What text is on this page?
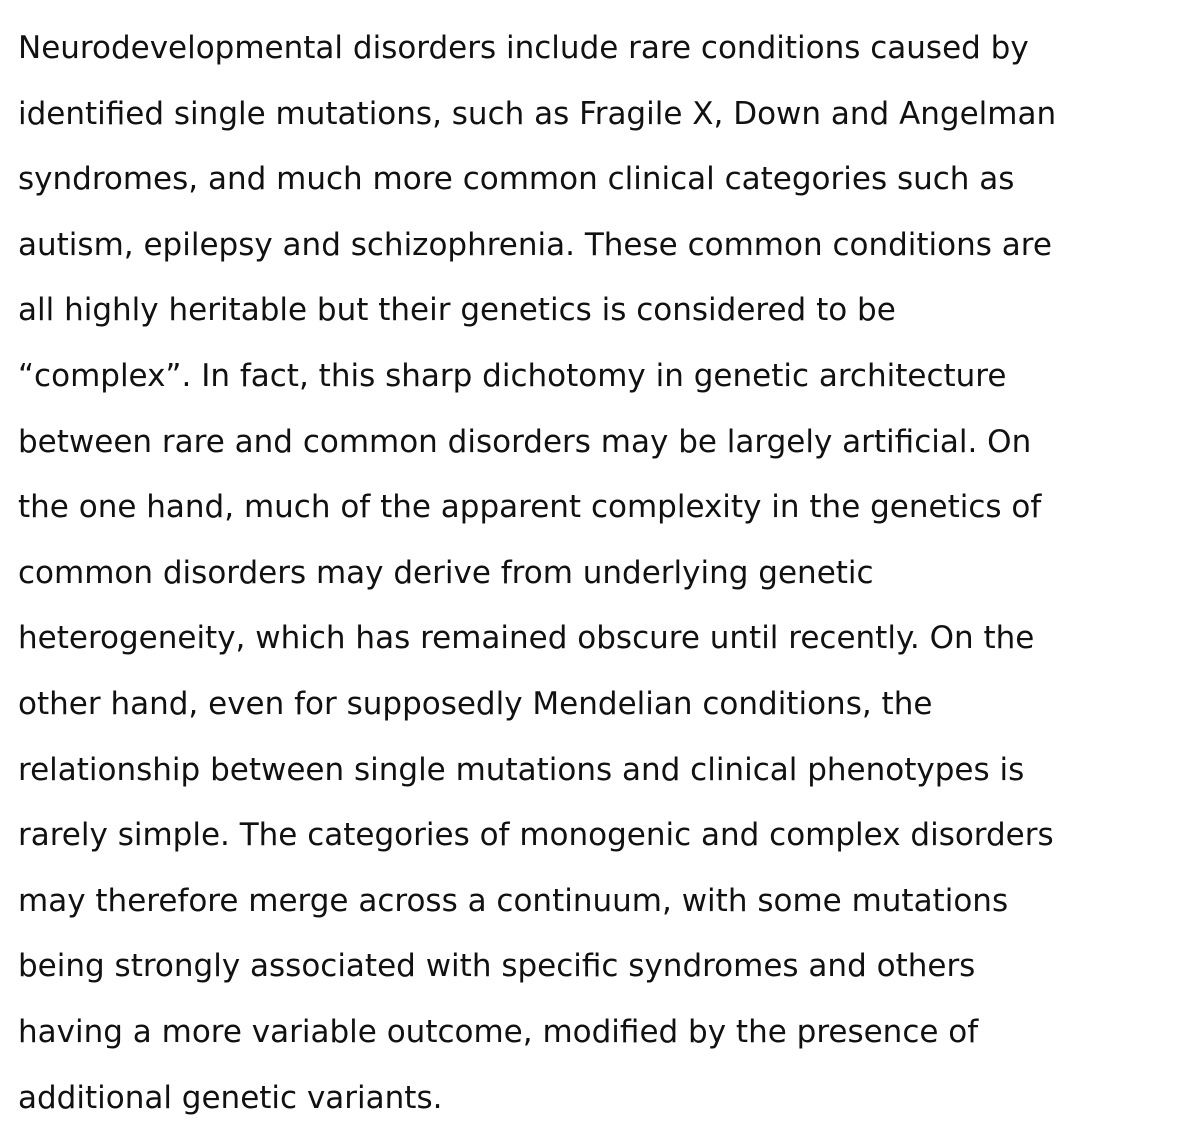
Neurodevelopmental disorders include rare conditions caused by
identified single mutations, such as Fragile X, Down and Angelman
syndromes, and much more common clinical categories such as
autism, epilepsy and schizophrenia. These common conditions are
all highly heritable but their genetics is considered to be
“complex”. In fact, this sharp dichotomy in genetic architecture
between rare and common disorders may be largely artificial. On
the one hand, much of the apparent complexity in the genetics of
common disorders may derive from underlying genetic
heterogeneity, which has remained obscure until recently. On the
other hand, even for supposedly Mendelian conditions, the
relationship between single mutations and clinical phenotypes is
rarely simple. The categories of monogenic and complex disorders
may therefore merge across a continuum, with some mutations
being strongly associated with specific syndromes and others
having a more variable outcome, modified by the presence of
additional genetic variants.
